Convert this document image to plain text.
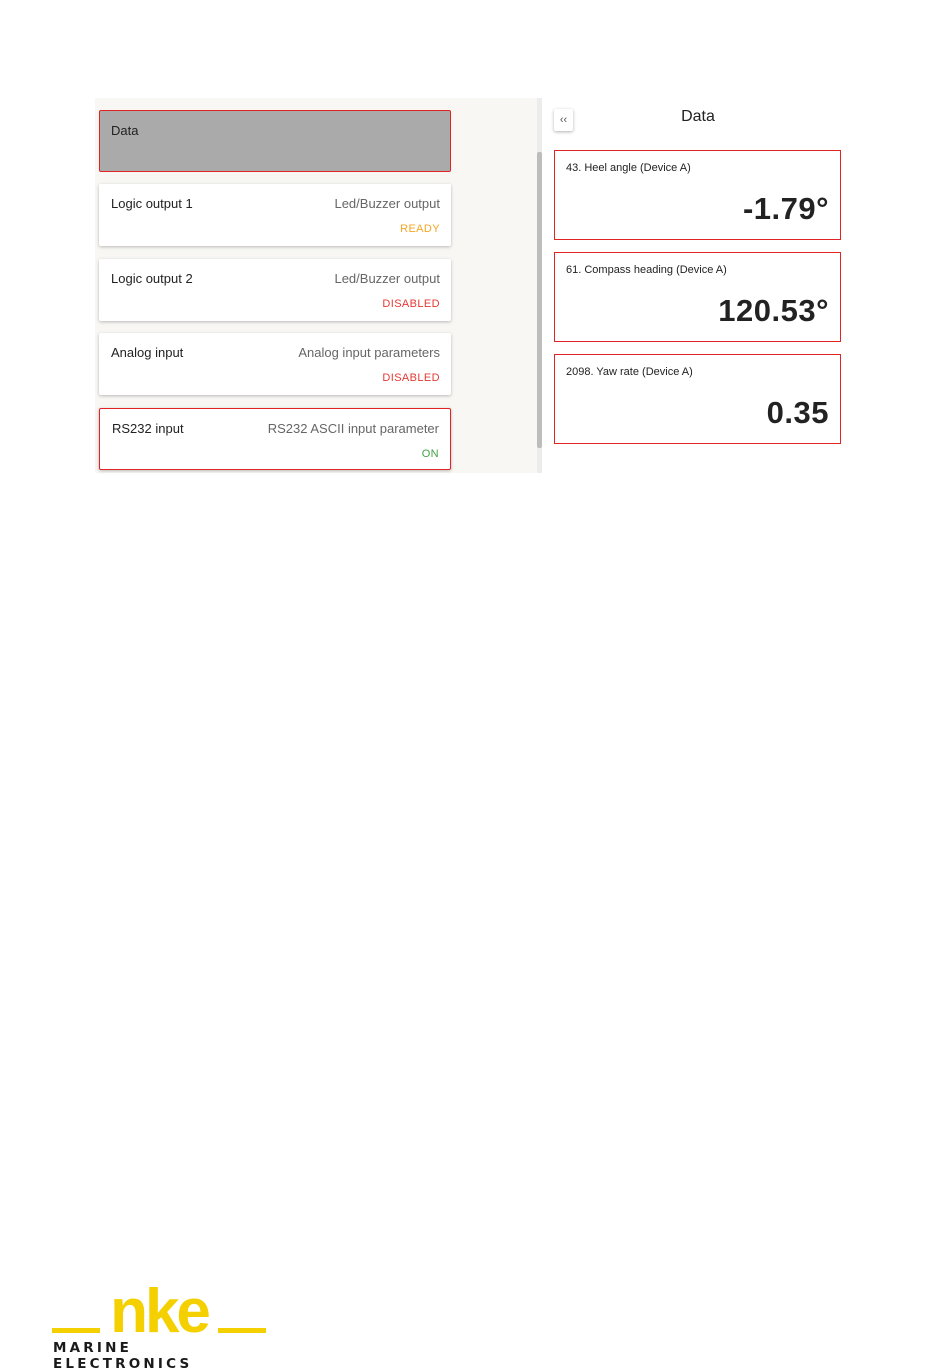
Data
Logic output 1	Led/Buzzer output
READY
Logic output 2	Led/Buzzer output
DISABLED
Analog input	Analog input parameters
DISABLED
RS232 input	RS232 ASCII input parameter
ON
‹‹	Data
43. Heel angle (Device A)
-1.79°
61. Compass heading (Device A)
120.53°
2098. Yaw rate (Device A)
0.35
nke
MARINE ELECTRONICS
